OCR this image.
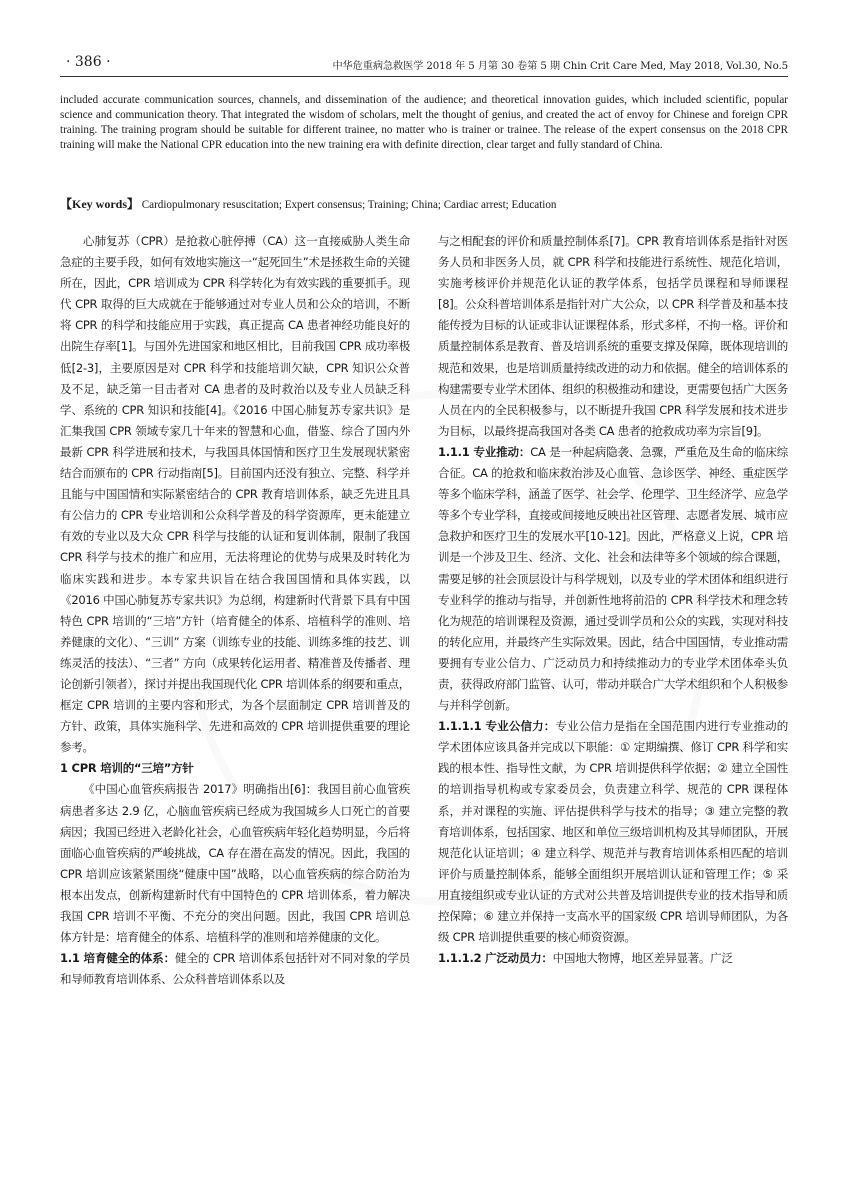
· 386 ·	中华危重病急救医学 2018 年 5 月第 30 卷第 5 期 Chin Crit Care Med, May 2018, Vol.30, No.5

included accurate communication sources, channels, and dissemination of the audience; and theoretical innovation guides, which included scientific, popular science and communication theory. That integrated the wisdom of scholars, melt the thought of genius, and created the act of envoy for Chinese and foreign CPR training. The training program should be suitable for different trainee, no matter who is trainer or trainee. The release of the expert consensus on the 2018 CPR training will make the National CPR education into the new training era with definite direction, clear target and fully standard of China.

【Key words】 Cardiopulmonary resuscitation; Expert consensus; Training; China; Cardiac arrest; Education

心肺复苏（CPR）是抢救心脏停搏（CA）这一直接威胁人类生命急症的主要手段，如何有效地实施这一“起死回生”术是拯救生命的关键所在，因此，CPR 培训成为 CPR 科学转化为有效实践的重要抓手。现代 CPR 取得的巨大成就在于能够通过对专业人员和公众的培训，不断将 CPR 的科学和技能应用于实践，真正提高 CA 患者神经功能良好的出院生存率[1]。与国外先进国家和地区相比，目前我国 CPR 成功率极低[2-3]，主要原因是对 CPR 科学和技能培训欠缺，CPR 知识公众普及不足，缺乏第一目击者对 CA 患者的及时救治以及专业人员缺乏科学、系统的 CPR 知识和技能[4]。《2016 中国心肺复苏专家共识》是汇集我国 CPR 领域专家几十年来的智慧和心血，借鉴、综合了国内外最新 CPR 科学进展和技术，与我国具体国情和医疗卫生发展现状紧密结合而颁布的 CPR 行动指南[5]。目前国内还没有独立、完整、科学并且能与中国国情和实际紧密结合的 CPR 教育培训体系，缺乏先进且具有公信力的 CPR 专业培训和公众科学普及的科学资源库，更未能建立有效的专业以及大众 CPR 科学与技能的认证和复训体制，限制了我国 CPR 科学与技术的推广和应用，无法将理论的优势与成果及时转化为临床实践和进步。本专家共识旨在结合我国国情和具体实践，以《2016 中国心肺复苏专家共识》为总纲，构建新时代背景下具有中国特色 CPR 培训的“三培”方针（培育健全的体系、培植科学的准则、培养健康的文化）、“三训” 方案（训练专业的技能、训练多维的技艺、训练灵活的技法）、“三者” 方向（成果转化运用者、精准普及传播者、理论创新引领者），探讨并提出我国现代化 CPR 培训体系的纲要和重点，框定 CPR 培训的主要内容和形式，为各个层面制定 CPR 培训普及的方针、政策，具体实施科学、先进和高效的 CPR 培训提供重要的理论参考。

1 CPR 培训的“三培”方针

《中国心血管疾病报告 2017》明确指出[6]：我国目前心血管疾病患者多达 2.9 亿，心脑血管疾病已经成为我国城乡人口死亡的首要病因；我国已经进入老龄化社会，心血管疾病年轻化趋势明显，今后将面临心血管疾病的严峻挑战，CA 存在潜在高发的情况。因此，我国的 CPR 培训应该紧紧围绕“健康中国”战略，以心血管疾病的综合防治为根本出发点，创新构建新时代有中国特色的 CPR 培训体系，着力解决我国 CPR 培训不平衡、不充分的突出问题。因此，我国 CPR 培训总体方针是：培育健全的体系、培植科学的准则和培养健康的文化。

1.1 培育健全的体系：健全的 CPR 培训体系包括针对不同对象的学员和导师教育培训体系、公众科普培训体系以及

与之相配套的评价和质量控制体系[7]。CPR 教育培训体系是指针对医务人员和非医务人员，就 CPR 科学和技能进行系统性、规范化培训，实施考核评价并规范化认证的教学体系，包括学员课程和导师课程[8]。公众科普培训体系是指针对广大公众，以 CPR 科学普及和基本技能传授为目标的认证或非认证课程体系，形式多样，不拘一格。评价和质量控制体系是教育、普及培训系统的重要支撑及保障，既体现培训的规范和效果，也是培训质量持续改进的动力和依据。健全的培训体系的构建需要专业学术团体、组织的积极推动和建设，更需要包括广大医务人员在内的全民积极参与，以不断提升我国 CPR 科学发展和技术进步为目标，以最终提高我国对各类 CA 患者的抢救成功率为宗旨[9]。

1.1.1 专业推动：CA 是一种起病隐袭、急骤，严重危及生命的临床综合征。CA 的抢救和临床救治涉及心血管、急诊医学、神经、重症医学等多个临床学科，涵盖了医学、社会学、伦理学、卫生经济学、应急学等多个专业学科，直接或间接地反映出社区管理、志愿者发展、城市应急救护和医疗卫生的发展水平[10-12]。因此，严格意义上说，CPR 培训是一个涉及卫生、经济、文化、社会和法律等多个领域的综合课题，需要足够的社会顶层设计与科学规划，以及专业的学术团体和组织进行专业科学的推动与指导，并创新性地将前沿的 CPR 科学技术和理念转化为规范的培训课程及资源，通过受训学员和公众的实践，实现对科技的转化应用，并最终产生实际效果。因此，结合中国国情，专业推动需要拥有专业公信力、广泛动员力和持续推动力的专业学术团体牵头负责，获得政府部门监管、认可，带动并联合广大学术组织和个人积极参与并科学创新。

1.1.1.1 专业公信力：专业公信力是指在全国范围内进行专业推动的学术团体应该具备并完成以下职能：① 定期编撰、修订 CPR 科学和实践的根本性、指导性文献，为 CPR 培训提供科学依据；② 建立全国性的培训指导机构或专家委员会，负责建立科学、规范的 CPR 课程体系，并对课程的实施、评估提供科学与技术的指导；③ 建立完整的教育培训体系，包括国家、地区和单位三级培训机构及其导师团队，开展规范化认证培训；④ 建立科学、规范并与教育培训体系相匹配的培训评价与质量控制体系，能够全面组织开展培训认证和管理工作；⑤ 采用直接组织或专业认证的方式对公共普及培训提供专业的技术指导和质控保障；⑥ 建立并保持一支高水平的国家级 CPR 培训导师团队，为各级 CPR 培训提供重要的核心师资资源。

1.1.1.2 广泛动员力：中国地大物博，地区差异显著。广泛
